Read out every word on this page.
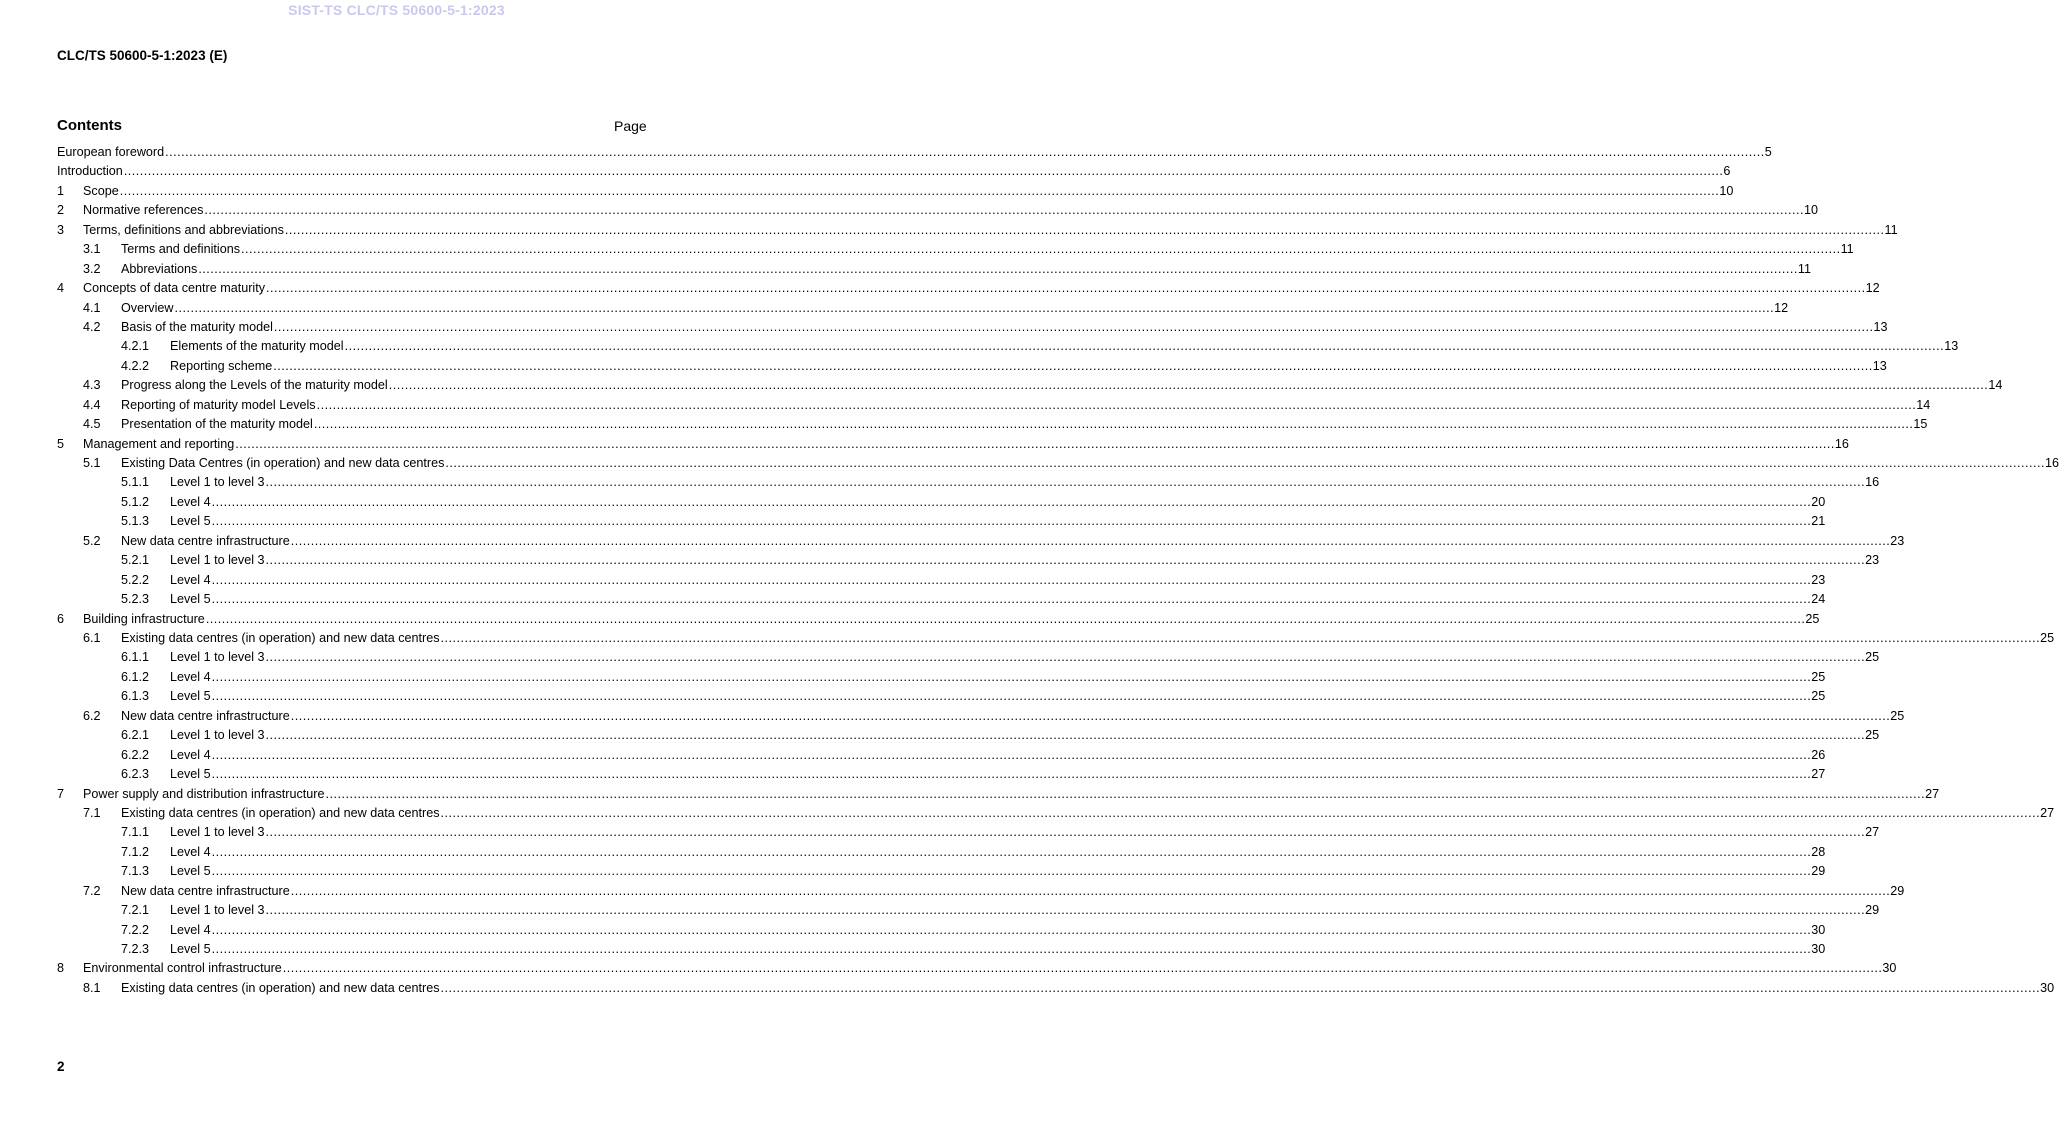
SIST-TS CLC/TS 50600-5-1:2023
CLC/TS 50600-5-1:2023 (E)
Contents	Page
European foreword ................................................................................................................................................................................................................................................................................................................................................................................................................ 5
Introduction ................................................................................................................................................................................................................................................................................................................................................................................................................ 6
1	Scope ................................................................................................................................................................................................................................................................................................................................................................................................................ 10
2	Normative references ................................................................................................................................................................................................................................................................................................................................................................................................................ 10
3	Terms, definitions and abbreviations ................................................................................................................................................................................................................................................................................................................................................................................................................ 11
3.1	Terms and definitions ................................................................................................................................................................................................................................................................................................................................................................................................................ 11
3.2	Abbreviations ................................................................................................................................................................................................................................................................................................................................................................................................................ 11
4	Concepts of data centre maturity ................................................................................................................................................................................................................................................................................................................................................................................................................ 12
4.1	Overview ................................................................................................................................................................................................................................................................................................................................................................................................................ 12
4.2	Basis of the maturity model ................................................................................................................................................................................................................................................................................................................................................................................................................ 13
4.2.1	Elements of the maturity model ................................................................................................................................................................................................................................................................................................................................................................................................................ 13
4.2.2	Reporting scheme ................................................................................................................................................................................................................................................................................................................................................................................................................ 13
4.3	Progress along the Levels of the maturity model ................................................................................................................................................................................................................................................................................................................................................................................................................ 14
4.4	Reporting of maturity model Levels ................................................................................................................................................................................................................................................................................................................................................................................................................ 14
4.5	Presentation of the maturity model ................................................................................................................................................................................................................................................................................................................................................................................................................ 15
5	Management and reporting ................................................................................................................................................................................................................................................................................................................................................................................................................ 16
5.1	Existing Data Centres (in operation) and new data centres ................................................................................................................................................................................................................................................................................................................................................................................................................ 16
5.1.1	Level 1 to level 3 ................................................................................................................................................................................................................................................................................................................................................................................................................ 16
5.1.2	Level 4 ................................................................................................................................................................................................................................................................................................................................................................................................................ 20
5.1.3	Level 5 ................................................................................................................................................................................................................................................................................................................................................................................................................ 21
5.2	New data centre infrastructure ................................................................................................................................................................................................................................................................................................................................................................................................................ 23
5.2.1	Level 1 to level 3 ................................................................................................................................................................................................................................................................................................................................................................................................................ 23
5.2.2	Level 4 ................................................................................................................................................................................................................................................................................................................................................................................................................ 23
5.2.3	Level 5 ................................................................................................................................................................................................................................................................................................................................................................................................................ 24
6	Building infrastructure ................................................................................................................................................................................................................................................................................................................................................................................................................ 25
6.1	Existing data centres (in operation) and new data centres ................................................................................................................................................................................................................................................................................................................................................................................................................ 25
6.1.1	Level 1 to level 3 ................................................................................................................................................................................................................................................................................................................................................................................................................ 25
6.1.2	Level 4 ................................................................................................................................................................................................................................................................................................................................................................................................................ 25
6.1.3	Level 5 ................................................................................................................................................................................................................................................................................................................................................................................................................ 25
6.2	New data centre infrastructure ................................................................................................................................................................................................................................................................................................................................................................................................................ 25
6.2.1	Level 1 to level 3 ................................................................................................................................................................................................................................................................................................................................................................................................................ 25
6.2.2	Level 4 ................................................................................................................................................................................................................................................................................................................................................................................................................ 26
6.2.3	Level 5 ................................................................................................................................................................................................................................................................................................................................................................................................................ 27
7	Power supply and distribution infrastructure ................................................................................................................................................................................................................................................................................................................................................................................................................ 27
7.1	Existing data centres (in operation) and new data centres ................................................................................................................................................................................................................................................................................................................................................................................................................ 27
7.1.1	Level 1 to level 3 ................................................................................................................................................................................................................................................................................................................................................................................................................ 27
7.1.2	Level 4 ................................................................................................................................................................................................................................................................................................................................................................................................................ 28
7.1.3	Level 5 ................................................................................................................................................................................................................................................................................................................................................................................................................ 29
7.2	New data centre infrastructure ................................................................................................................................................................................................................................................................................................................................................................................................................ 29
7.2.1	Level 1 to level 3 ................................................................................................................................................................................................................................................................................................................................................................................................................ 29
7.2.2	Level 4 ................................................................................................................................................................................................................................................................................................................................................................................................................ 30
7.2.3	Level 5 ................................................................................................................................................................................................................................................................................................................................................................................................................ 30
8	Environmental control infrastructure ................................................................................................................................................................................................................................................................................................................................................................................................................ 30
8.1	Existing data centres (in operation) and new data centres ................................................................................................................................................................................................................................................................................................................................................................................................................ 30
2
